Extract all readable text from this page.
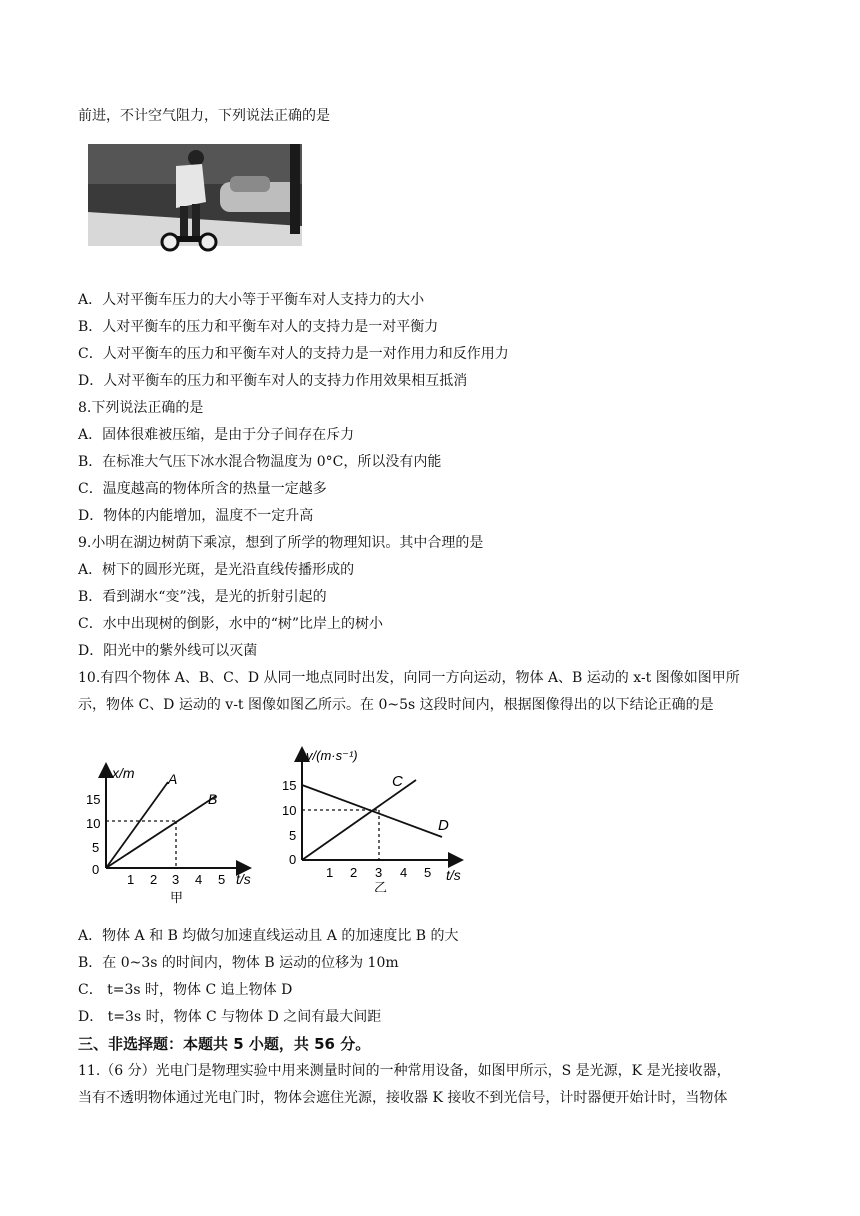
前进，不计空气阻力，下列说法正确的是
A．人对平衡车压力的大小等于平衡车对人支持力的大小
B．人对平衡车的压力和平衡车对人的支持力是一对平衡力
C．人对平衡车的压力和平衡车对人的支持力是一对作用力和反作用力
D．人对平衡车的压力和平衡车对人的支持力作用效果相互抵消
8.下列说法正确的是
A．固体很难被压缩，是由于分子间存在斥力
B．在标准大气压下冰水混合物温度为 0°C，所以没有内能
C．温度越高的物体所含的热量一定越多
D．物体的内能增加，温度不一定升高
9.小明在湖边树荫下乘凉，想到了所学的物理知识。其中合理的是
A．树下的圆形光斑，是光沿直线传播形成的
B．看到湖水“变”浅，是光的折射引起的
C．水中出现树的倒影，水中的“树”比岸上的树小
D．阳光中的紫外线可以灭菌
10.有四个物体 A、B、C、D 从同一地点同时出发，向同一方向运动，物体 A、B 运动的 x-t 图像如图甲所
示，物体 C、D 运动的 v-t 图像如图乙所示。在 0~5s 这段时间内，根据图像得出的以下结论正确的是
x/m
t/s
15
10
5
0
1 2 3 4 5
A
B
甲
v/(m·s⁻¹)
t/s
15
10
5
0
1 2 3 4 5
C
D
乙
A．物体 A 和 B 均做匀加速直线运动且 A 的加速度比 B 的大
B．在 0~3s 的时间内，物体 B 运动的位移为 10m
C． t=3s 时，物体 C 追上物体 D
D． t=3s 时，物体 C 与物体 D 之间有最大间距
三、非选择题：本题共 5 小题，共 56 分。
11.（6 分）光电门是物理实验中用来测量时间的一种常用设备，如图甲所示，S 是光源，K 是光接收器，
当有不透明物体通过光电门时，物体会遮住光源，接收器 K 接收不到光信号，计时器便开始计时，当物体
